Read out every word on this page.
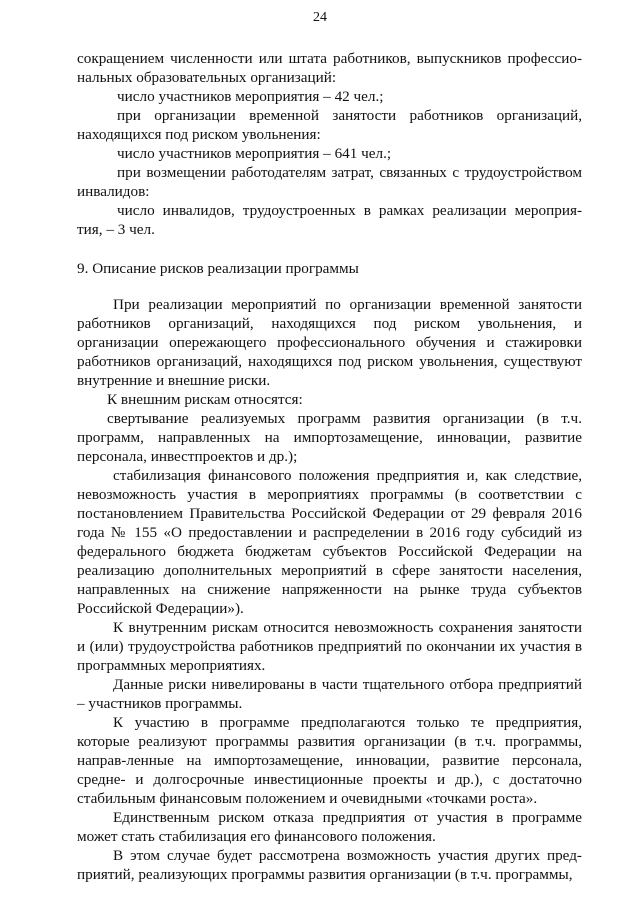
24

сокращением численности или штата работников, выпускников профессио-нальных образовательных организаций:

число участников мероприятия – 42 чел.;

при организации временной занятости работников организаций, находящихся под риском увольнения:

число участников мероприятия – 641 чел.;

при возмещении работодателям затрат, связанных с трудоустройством инвалидов:

число инвалидов, трудоустроенных в рамках реализации мероприя-тия, – 3 чел.

9. Описание рисков реализации программы

При реализации мероприятий по организации временной занятости работников организаций, находящихся под риском увольнения, и организации опережающего профессионального обучения и стажировки работников организаций, находящихся под риском увольнения, существуют внутренние и внешние риски.

К внешним рискам относятся:

свертывание реализуемых программ развития организации (в т.ч. программ, направленных на импортозамещение, инновации, развитие персонала, инвестпроектов и др.);

стабилизация финансового положения предприятия и, как следствие, невозможность участия в мероприятиях программы (в соответствии с постановлением Правительства Российской Федерации от 29 февраля 2016 года № 155 «О предоставлении и распределении в 2016 году субсидий из федерального бюджета бюджетам субъектов Российской Федерации на реализацию дополнительных мероприятий в сфере занятости населения, направленных на снижение напряженности на рынке труда субъектов Российской Федерации»).

К внутренним рискам относится невозможность сохранения занятости и (или) трудоустройства работников предприятий по окончании их участия в программных мероприятиях.

Данные риски нивелированы в части тщательного отбора предприятий – участников программы.

К участию в программе предполагаются только те предприятия, которые реализуют программы развития организации (в т.ч. программы, направ-ленные на импортозамещение, инновации, развитие персонала, средне- и долгосрочные инвестиционные проекты и др.), с достаточно стабильным финансовым положением и очевидными «точками роста».

Единственным риском отказа предприятия от участия в программе может стать стабилизация его финансового положения.

В этом случае будет рассмотрена возможность участия других пред-приятий, реализующих программы развития организации (в т.ч. программы,
